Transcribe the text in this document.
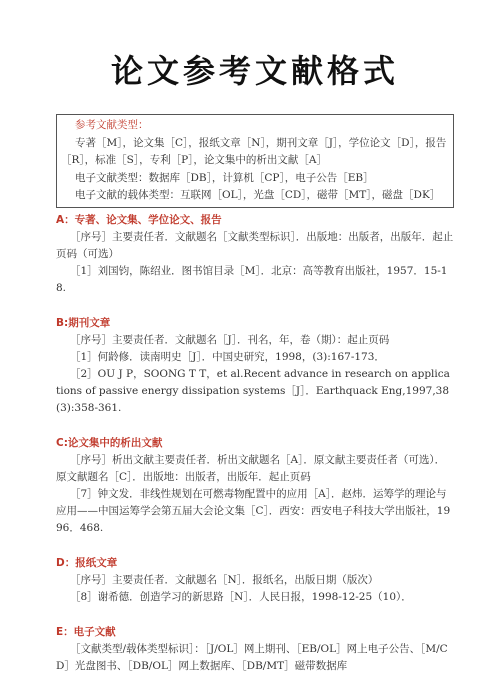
论文参考文献格式
参考文献类型：
专著［M］，论文集［C］，报纸文章［N］，期刊文章［J］，学位论文［D］，报告［R］，标准［S］，专利［P］，论文集中的析出文献［A］
电子文献类型：数据库［DB］，计算机［CP］，电子公告［EB］
电子文献的载体类型：互联网［OL］，光盘［CD］，磁带［MT］，磁盘［DK］
A：专著、论文集、学位论文、报告
［序号］主要责任者．文献题名［文献类型标识］．出版地：出版者，出版年．起止页码（可选）
［1］刘国钧，陈绍业．图书馆目录［M］．北京：高等教育出版社，1957．15-18.
B:期刊文章
［序号］主要责任者．文献题名［J］．刊名，年，卷（期）：起止页码
［1］何龄修．读南明史［J］．中国史研究，1998，(3):167-173．
［2］OU J P，SOONG T T，et al.Recent advance in research on applications of passive energy dissipation systems［J］．Earthquack Eng,1997,38(3):358-361.
C:论文集中的析出文献
［序号］析出文献主要责任者．析出文献题名［A］．原文献主要责任者（可选）．原文献题名［C］．出版地：出版者，出版年．起止页码
［7］钟文发．非线性规划在可燃毒物配置中的应用［A］．赵炜．运筹学的理论与应用——中国运筹学会第五届大会论文集［C］．西安：西安电子科技大学出版社，1996．468.
D：报纸文章
［序号］主要责任者．文献题名［N］．报纸名，出版日期（版次）
［8］谢希德．创造学习的新思路［N］．人民日报，1998-12-25（10）．
E：电子文献
［文献类型/载体类型标识］：［J/OL］网上期刊、［EB/OL］网上电子公告、［M/CD］光盘图书、［DB/OL］网上数据库、［DB/MT］磁带数据库
